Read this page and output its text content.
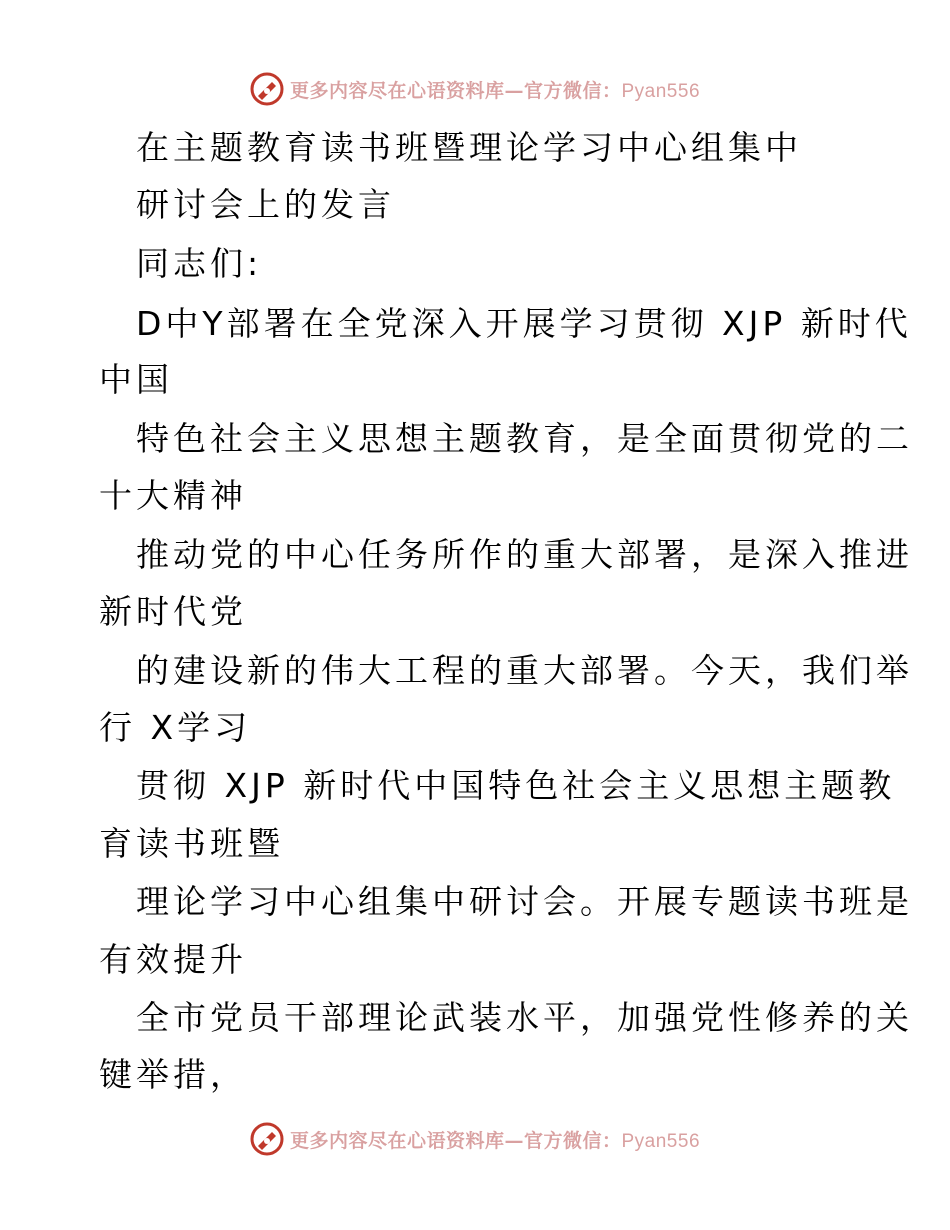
更多内容尽在心语资料库—官方微信：Pyan556
在主题教育读书班暨理论学习中心组集中
研讨会上的发言
同志们:
D中Y部署在全党深入开展学习贯彻 XJP 新时代
中国
特色社会主义思想主题教育，是全面贯彻党的二
十大精神
推动党的中心任务所作的重大部署，是深入推进
新时代党
的建设新的伟大工程的重大部署。今天，我们举
行 X学习
贯彻 XJP 新时代中国特色社会主义思想主题教
育读书班暨
理论学习中心组集中研讨会。开展专题读书班是
有效提升
全市党员干部理论武装水平，加强党性修养的关
键举措，
更多内容尽在心语资料库—官方微信：Pyan556
